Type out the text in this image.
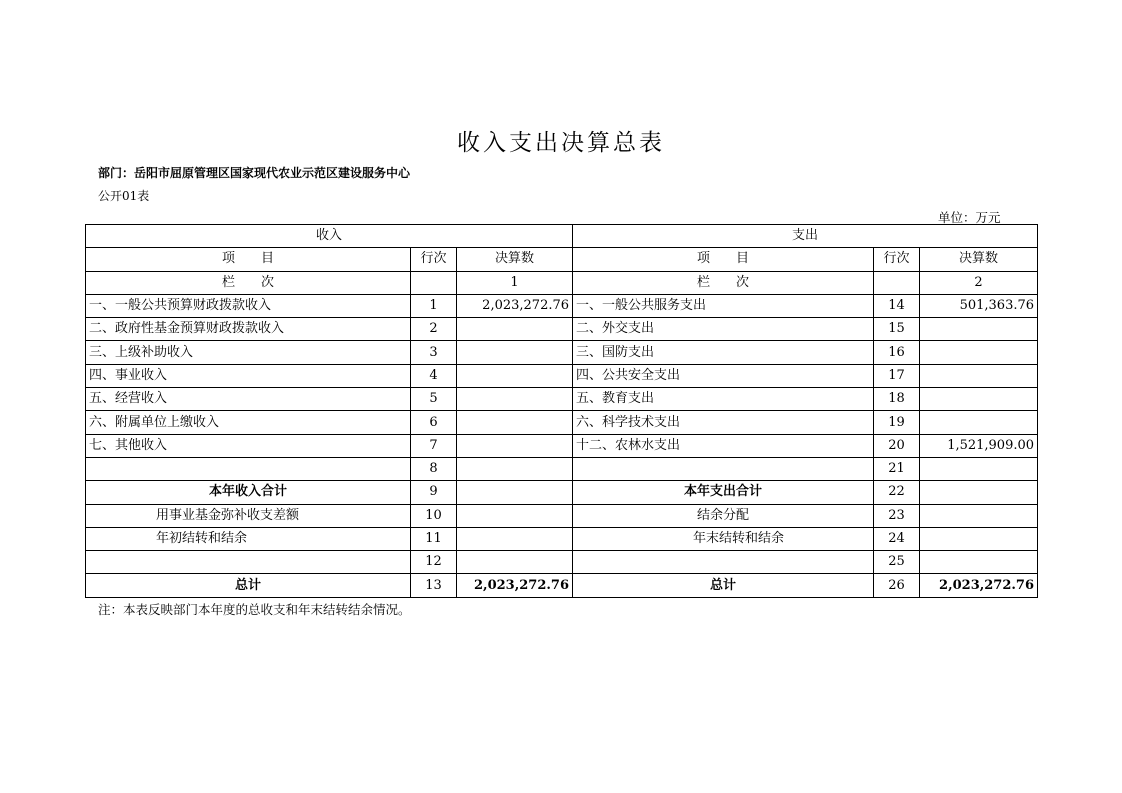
收入支出决算总表
部门：岳阳市屈原管理区国家现代农业示范区建设服务中心
公开01表
单位：万元
收入			支出		
项　　目	行次	决算数	项　　目	行次	决算数
栏　　次		1	栏　　次		2
一、一般公共预算财政拨款收入	1	2,023,272.76	一、一般公共服务支出	14	501,363.76
二、政府性基金预算财政拨款收入	2		二、外交支出	15	
三、上级补助收入	3		三、国防支出	16	
四、事业收入	4		四、公共安全支出	17	
五、经营收入	5		五、教育支出	18	
六、附属单位上缴收入	6		六、科学技术支出	19	
七、其他收入	7		十二、农林水支出	20	1,521,909.00
	8			21	
本年收入合计	9		本年支出合计	22	
用事业基金弥补收支差额	10		结余分配	23	
年初结转和结余	11		年末结转和结余	24	
	12			25	
总计	13	2,023,272.76	总计	26	2,023,272.76
注：本表反映部门本年度的总收支和年末结转结余情况。
